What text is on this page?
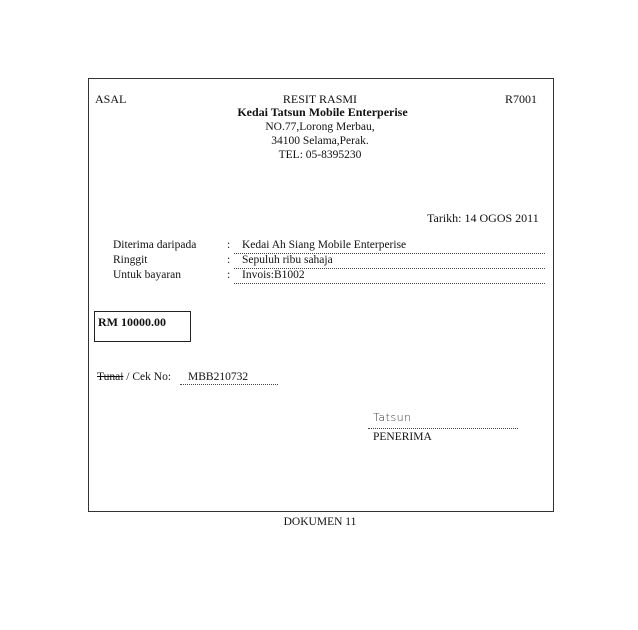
ASAL	RESIT RASMI	R7001
Kedai Tatsun Mobile Enterperise
NO.77,Lorong Merbau,
34100 Selama,Perak.
TEL: 05-8395230
Tarikh: 14 OGOS 2011
Diterima daripada	: Kedai Ah Siang Mobile Enterperise
Ringgit	: Sepuluh ribu sahaja
Untuk bayaran	: Invois:B1002
RM 10000.00
Tunai / Cek No: MBB210732
Tatsun
PENERIMA
DOKUMEN 11
